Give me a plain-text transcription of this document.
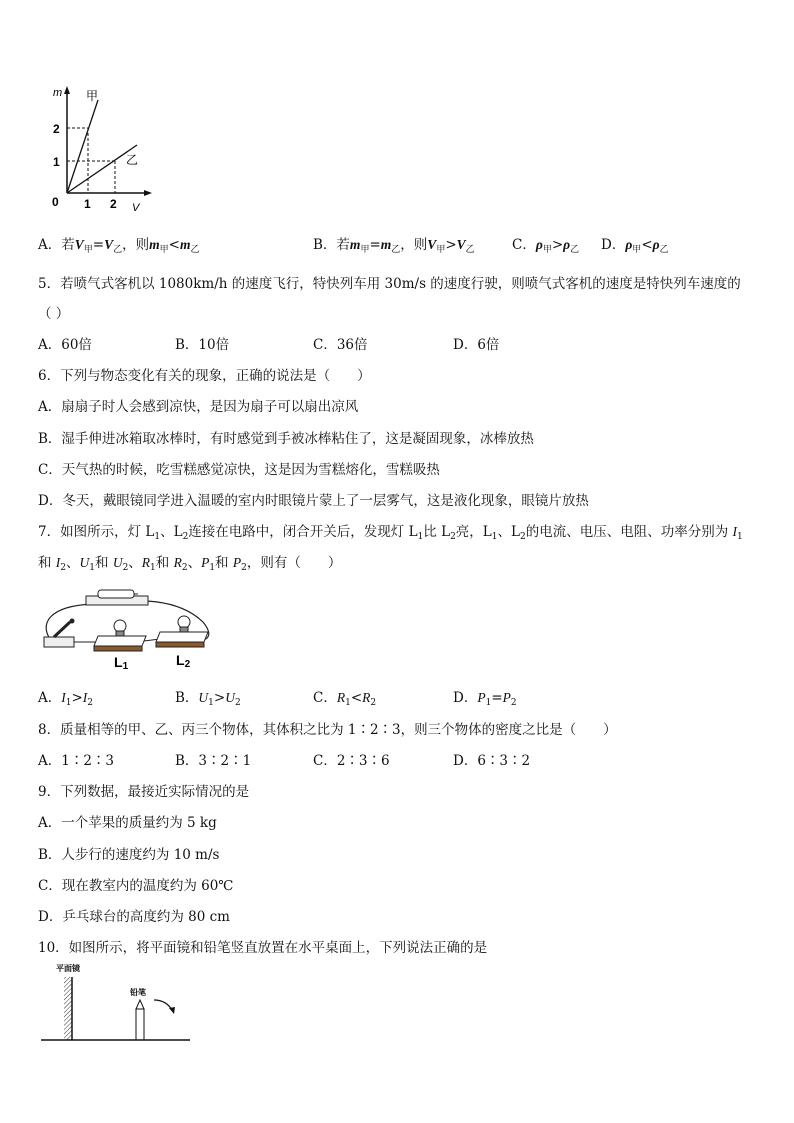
m
V
0
1
2
1 2
甲
乙
A．若$V_甲=V_乙$，则$m_甲<m_乙$	B．若$m_甲=m_乙$，则$V_甲>V_乙$	C．$\rho_甲>\rho_乙$ D．$\rho_甲<\rho_乙$
5．若喷气式客机以 1080km/h 的速度飞行，特快列车用 30m/s 的速度行驶，则喷气式客机的速度是特快列车速度的
（ ）
A．60倍	B．10倍	C．36倍	D．6倍
6．下列与物态变化有关的现象，正确的说法是（　　）
A．扇扇子时人会感到凉快，是因为扇子可以扇出凉风
B．湿手伸进冰箱取冰棒时，有时感觉到手被冰棒粘住了，这是凝固现象，冰棒放热
C．天气热的时候，吃雪糕感觉凉快，这是因为雪糕熔化，雪糕吸热
D．冬天，戴眼镜同学进入温暖的室内时眼镜片蒙上了一层雾气，这是液化现象，眼镜片放热
7．如图所示，灯 $L_1$、$L_2$连接在电路中，闭合开关后，发现灯 $L_1$比 $L_2$亮，$L_1$、$L_2$的电流、电压、电阻、功率分别为 $I_1$
和 $I_2$、$U_1$和 $U_2$、$R_1$和 $R_2$、$P_1$和 $P_2$，则有（　　）
L1	L2
A．$I_1>I_2$	B．$U_1>U_2$	C．$R_1<R_2$	D．$P_1=P_2$
8．质量相等的甲、乙、丙三个物体，其体积之比为 1∶2∶3，则三个物体的密度之比是（　　）
A．1∶2∶3	B．3∶2∶1	C．2∶3∶6	D．6∶3∶2
9．下列数据，最接近实际情况的是
A．一个苹果的质量约为 5 kg
B．人步行的速度约为 10 m/s
C．现在教室内的温度约为 60℃
D．乒乓球台的高度约为 80 cm
10．如图所示，将平面镜和铅笔竖直放置在水平桌面上，下列说法正确的是
平面镜
铅笔
